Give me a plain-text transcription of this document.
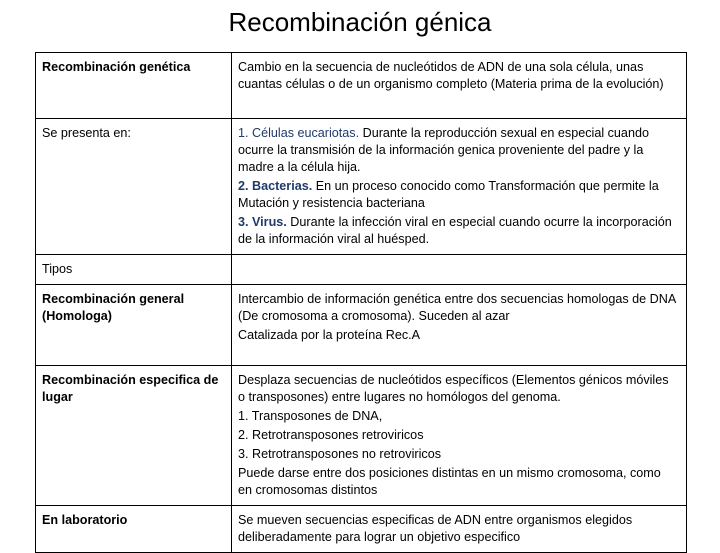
Recombinación génica
Recombinación genética	Cambio en la secuencia de nucleótidos de ADN de una sola célula, unas cuantas células o de un organismo completo (Materia prima de la evolución)
Se presenta en:	1. Células eucariotas. Durante la reproducción sexual en especial cuando ocurre la transmisión de la información genica proveniente del padre y la madre a la célula hija.
2. Bacterias. En un proceso conocido como Transformación que permite la Mutación y resistencia bacteriana
3. Virus. Durante la infección viral en especial cuando ocurre la incorporación de la información viral al huésped.

Tipos	
Recombinación general (Homologa)	Intercambio de información genética entre dos secuencias homologas de DNA (De cromosoma a cromosoma). Suceden al azar
Catalizada por la proteína Rec.A

Recombinación especifica de lugar	Desplaza secuencias de nucleótidos específicos (Elementos génicos móviles o transposones) entre lugares no homólogos del genoma.
1. Transposones de DNA,
2. Retrotransposones retroviricos
3. Retrotransposones no retroviricos
Puede darse entre dos posiciones distintas en un mismo cromosoma, como en cromosomas distintos

En laboratorio	Se mueven secuencias especificas de ADN entre organismos elegidos deliberadamente para lograr un objetivo especifico
